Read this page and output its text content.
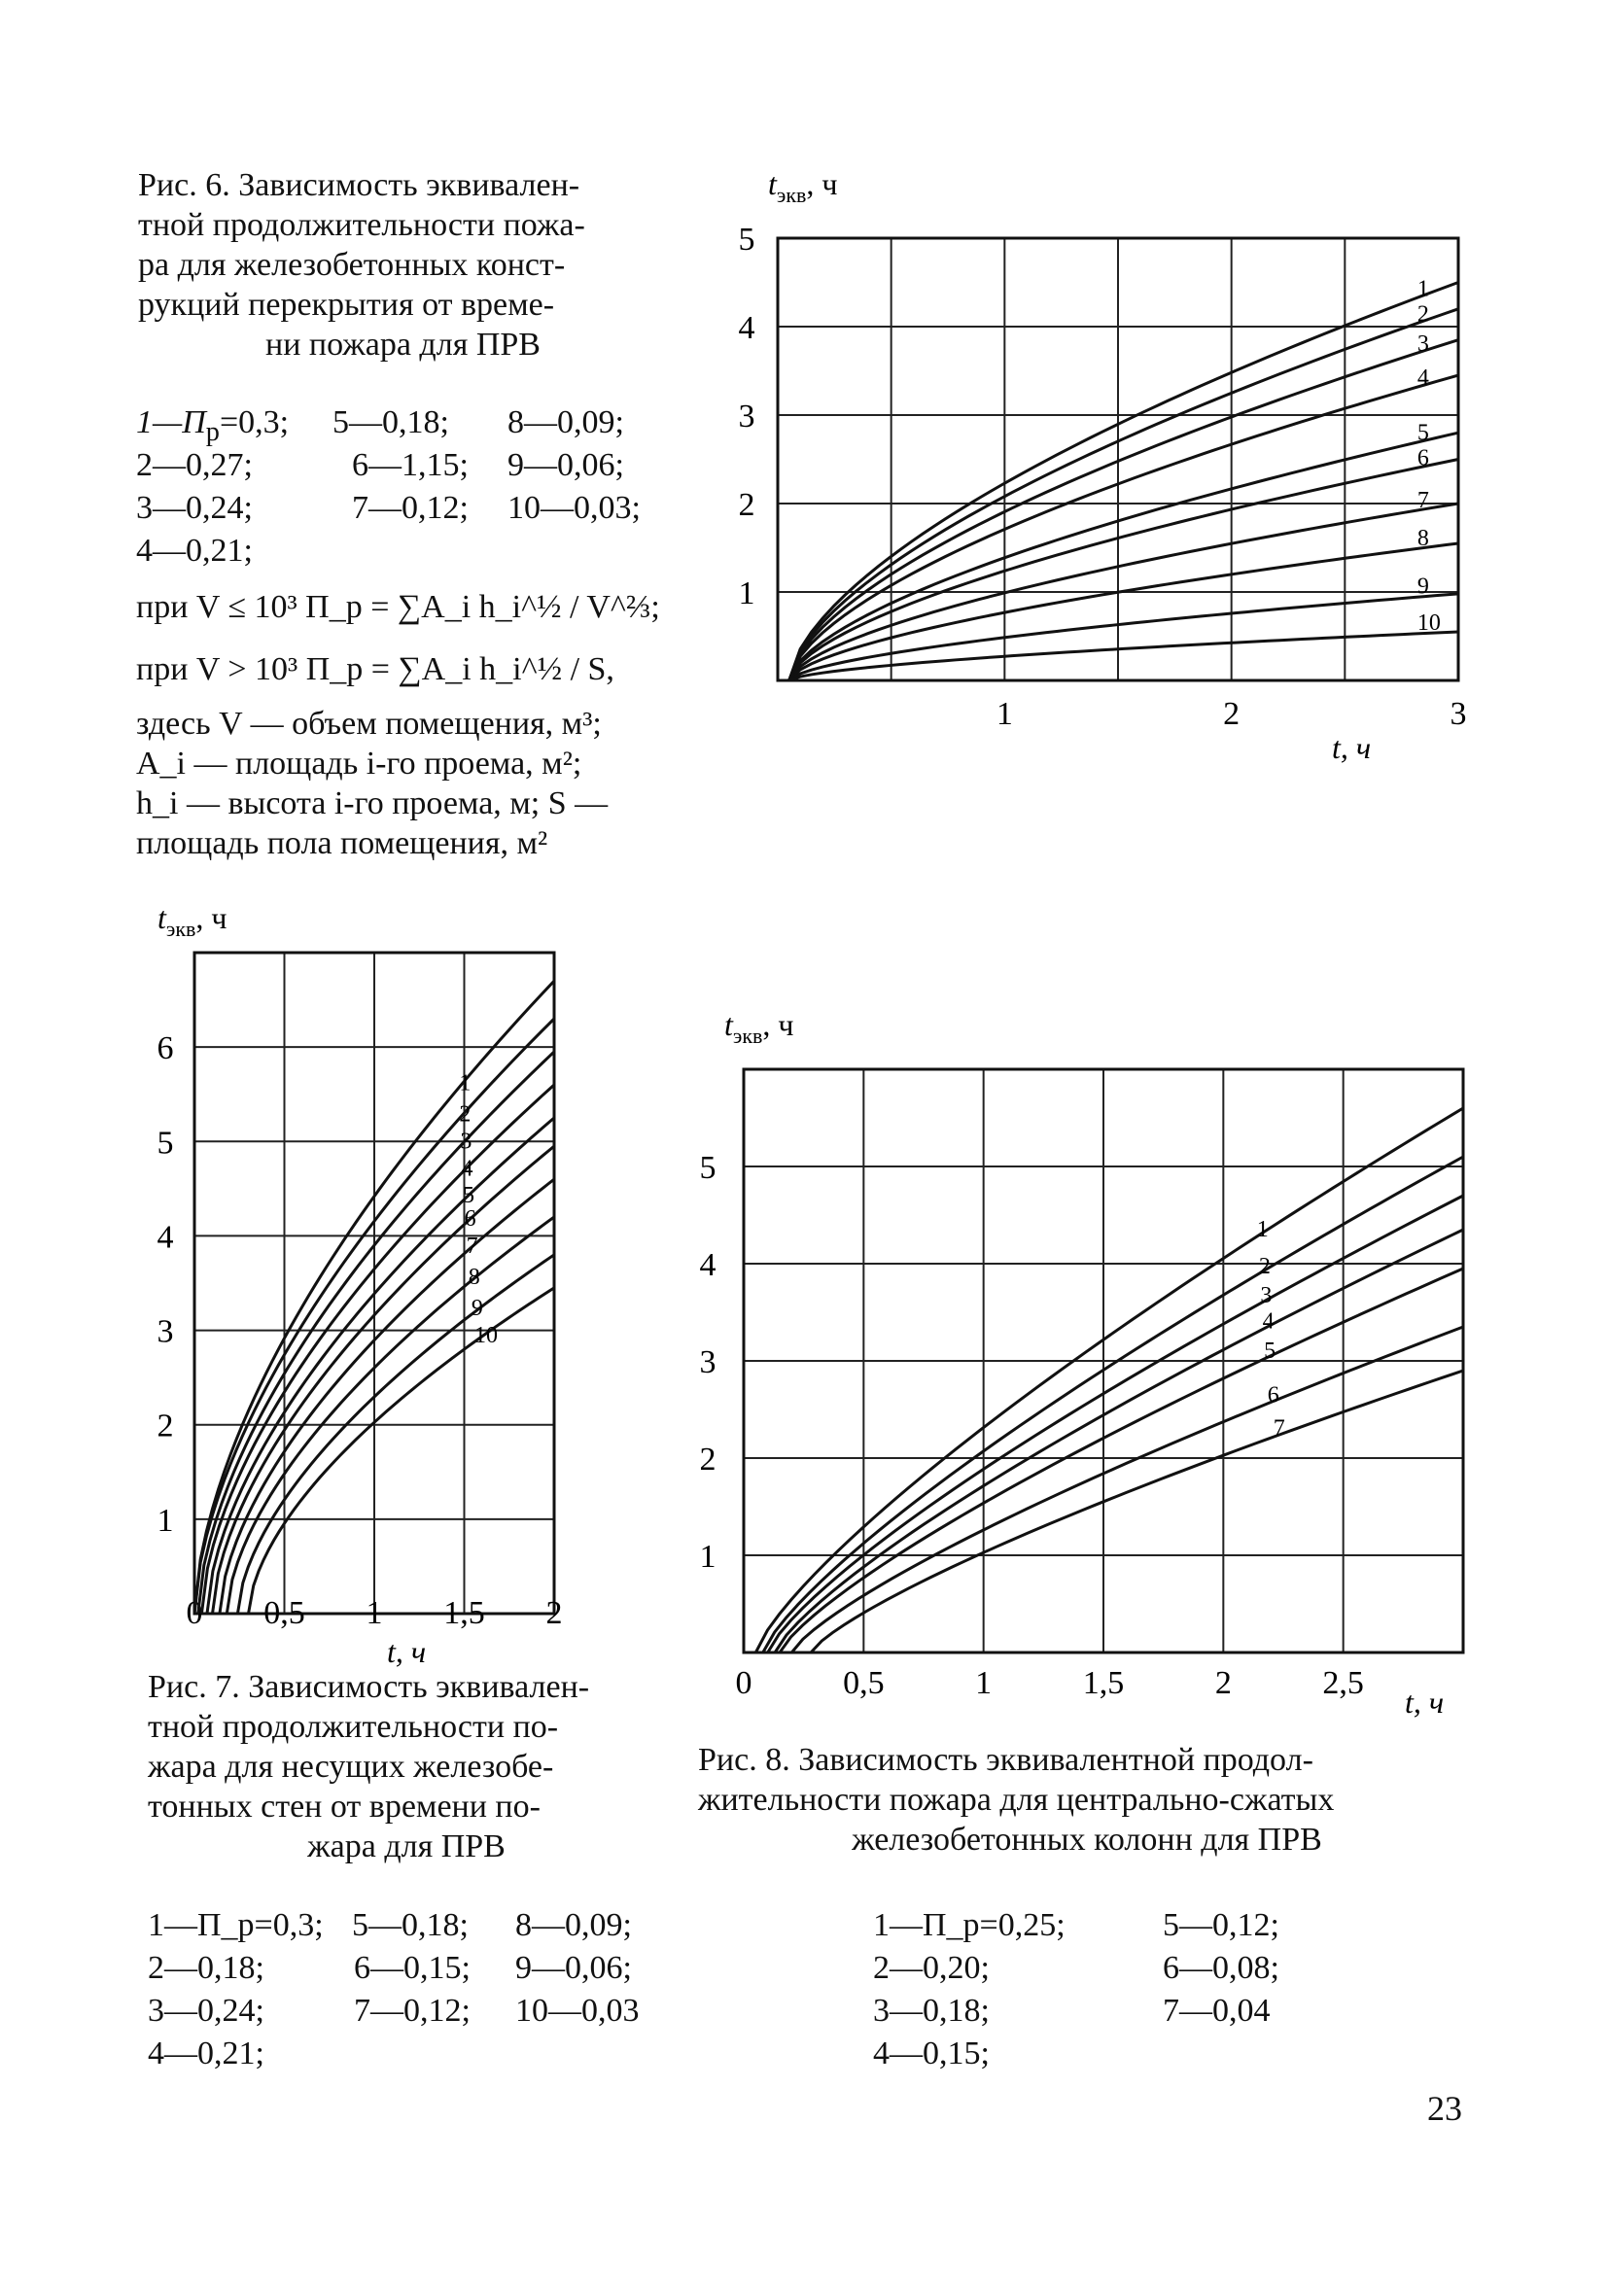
Рис. 6. Зависимость эквивален-
тной продолжительности пожа-
ра для железобетонных конст-
рукций перекрытия от време-
ни пожара для ПРВ
$1—П_р=0,3$;
2—0,27;
3—0,24;
4—0,21;
5—0,18;
6—1,15;
7—0,12;
8—0,09;
9—0,06;
10—0,03;
при V ≤ 10³ П_р = ∑A_i h_i^½ / V^⅔;
при V > 10³ П_р = ∑A_i h_i^½ / S,
здесь V — объем помещения, м³;
A_i — площадь i-го проема, м²;
h_i — высота i-го проема, м; S —
площадь пола помещения, м²
1
2
3
4
5
1	2	3
$t_{экв}$, ч
t, ч
1
2
3
4
5
6
7
8
9
10
1
2
3
4
5
6
0 0,5 1 1,5 2
$t_{экв}$, ч
t, ч
1
2
3
4
5
6
7
8
9
10
Рис. 7. Зависимость эквивален-
тной продолжительности по-
жара для несущих железобе-
тонных стен от времени по-
жара для ПРВ
1—П_р=0,3;
2—0,18;
3—0,24;
4—0,21;
5—0,18;
6—0,15;
7—0,12;
8—0,09;
9—0,06;
10—0,03
1
2
3
4
5
0	0,5	1	1,5	2	2,5
$t_{экв}$, ч
t, ч
1
2
3
4
5
6
7
Рис. 8. Зависимость эквивалентной продол-
жительности пожара для центрально-сжатых
железобетонных колонн для ПРВ
1—П_р=0,25;
2—0,20;
3—0,18;
4—0,15;
5—0,12;
6—0,08;
7—0,04
23
